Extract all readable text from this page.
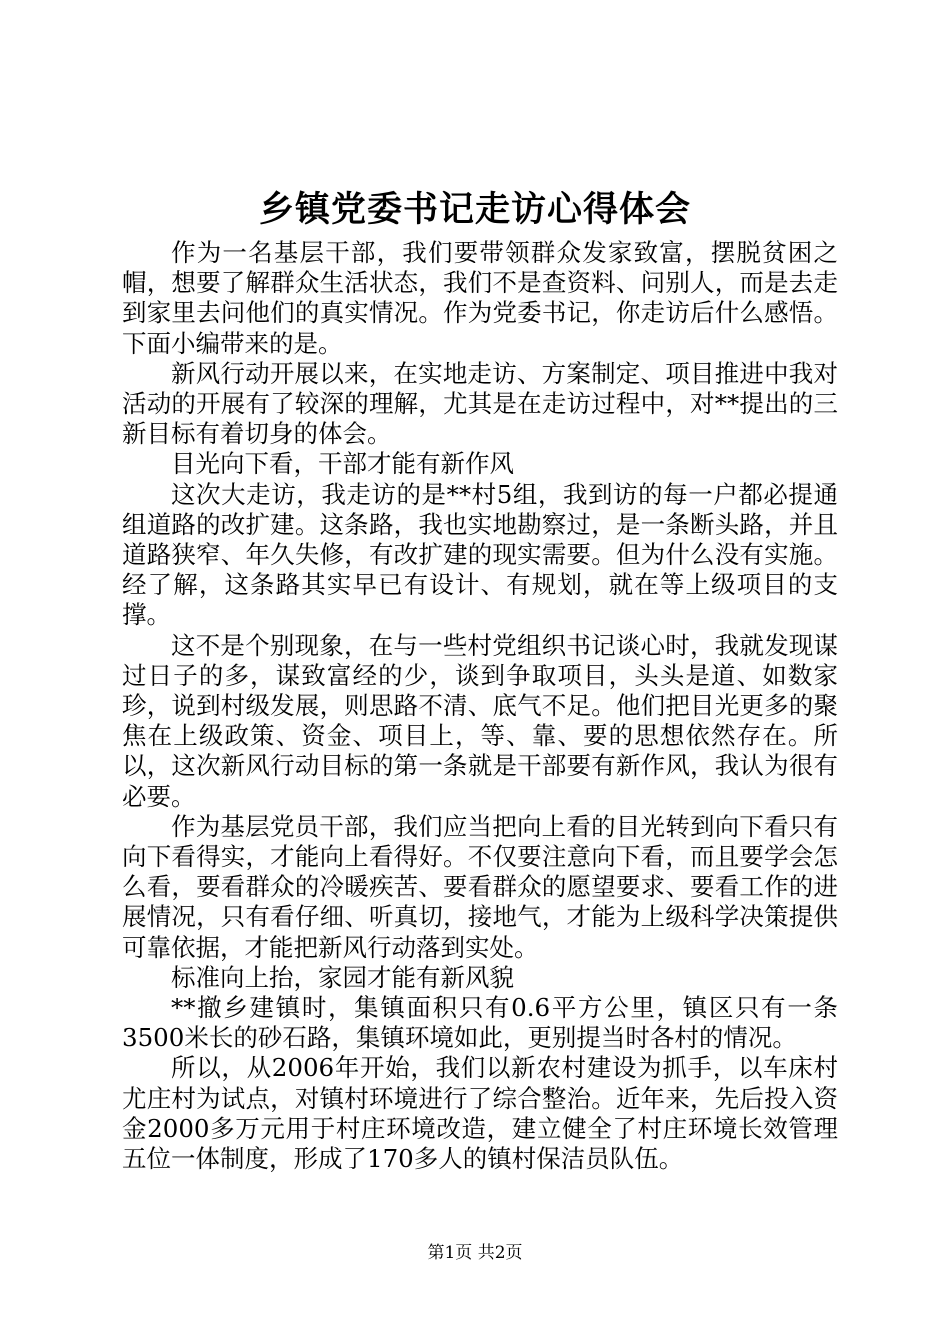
乡镇党委书记走访心得体会

作为一名基层干部，我们要带领群众发家致富，摆脱贫困之帽，想要了解群众生活状态，我们不是查资料、问别人，而是去走到家里去问他们的真实情况。作为党委书记，你走访后什么感悟。下面小编带来的是。

新风行动开展以来，在实地走访、方案制定、项目推进中我对活动的开展有了较深的理解，尤其是在走访过程中，对**提出的三新目标有着切身的体会。

目光向下看，干部才能有新作风

这次大走访，我走访的是**村5组，我到访的每一户都必提通组道路的改扩建。这条路，我也实地勘察过，是一条断头路，并且道路狭窄、年久失修，有改扩建的现实需要。但为什么没有实施。经了解，这条路其实早已有设计、有规划，就在等上级项目的支撑。

这不是个别现象，在与一些村党组织书记谈心时，我就发现谋过日子的多，谋致富经的少，谈到争取项目，头头是道、如数家珍，说到村级发展，则思路不清、底气不足。他们把目光更多的聚焦在上级政策、资金、项目上，等、靠、要的思想依然存在。所以，这次新风行动目标的第一条就是干部要有新作风，我认为很有必要。

作为基层党员干部，我们应当把向上看的目光转到向下看只有向下看得实，才能向上看得好。不仅要注意向下看，而且要学会怎么看，要看群众的冷暖疾苦、要看群众的愿望要求、要看工作的进展情况，只有看仔细、听真切，接地气，才能为上级科学决策提供可靠依据，才能把新风行动落到实处。

标准向上抬，家园才能有新风貌

**撤乡建镇时，集镇面积只有0.6平方公里，镇区只有一条3500米长的砂石路，集镇环境如此，更别提当时各村的情况。

所以，从2006年开始，我们以新农村建设为抓手，以车床村尤庄村为试点，对镇村环境进行了综合整治。近年来，先后投入资金2000多万元用于村庄环境改造，建立健全了村庄环境长效管理五位一体制度，形成了170多人的镇村保洁员队伍。

第1页 共2页
